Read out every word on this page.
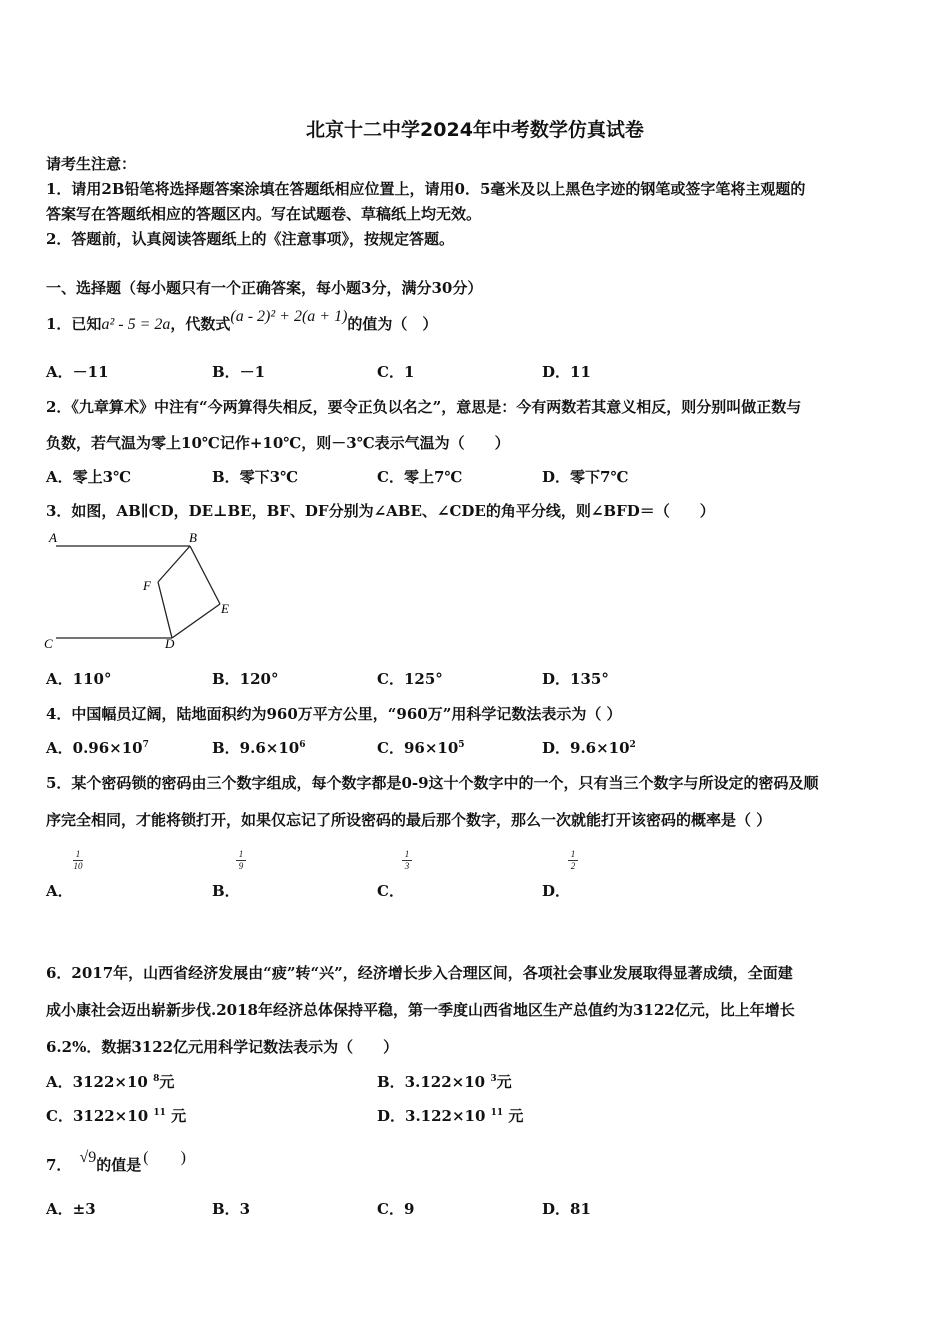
北京十二中学2024年中考数学仿真试卷
请考生注意：
1．请用2B铅笔将选择题答案涂填在答题纸相应位置上，请用0．5毫米及以上黑色字迹的钢笔或签字笔将主观题的
答案写在答题纸相应的答题区内。写在试题卷、草稿纸上均无效。
2．答题前，认真阅读答题纸上的《注意事项》，按规定答题。
一、选择题（每小题只有一个正确答案，每小题3分，满分30分）
1．已知a² - 5 = 2a，代数式(a - 2)² + 2(a + 1)的值为（　）
A．－11	B．－1	C．1	D．11
2．《九章算术》中注有“今两算得失相反，要令正负以名之”，意思是：今有两数若其意义相反，则分别叫做正数与
负数，若气温为零上10℃记作+10℃，则－3℃表示气温为（　　）
A．零上3℃	B．零下3℃	C．零上7℃	D．零下7℃
3．如图，AB∥CD，DE⊥BE，BF、DF分别为∠ABE、∠CDE的角平分线，则∠BFD＝（　　）
A	B
F
E
C	D
A．110°	B．120°	C．125°	D．135°
4．中国幅员辽阔，陆地面积约为960万平方公里，“960万”用科学记数法表示为（ ）
A．$0.96\times 10^7$	B．$9.6\times 10^6$	C．$96\times 10^5$	D．$9.6\times 10^2$
5．某个密码锁的密码由三个数字组成，每个数字都是0-9这十个数字中的一个，只有当三个数字与所设定的密码及顺
序完全相同，才能将锁打开，如果仅忘记了所设密码的最后那个数字，那么一次就能打开该密码的概率是（ ）
1
10
1
9
1
3
1
2
A．	B．	C．	D．
6．2017年，山西省经济发展由“疲”转“兴”，经济增长步入合理区间，各项社会事业发展取得显著成绩，全面建
成小康社会迈出崭新步伐.2018年经济总体保持平稳，第一季度山西省地区生产总值约为3122亿元，比上年增长
6.2%．数据3122亿元用科学记数法表示为（　　）
A．3122×10 $^8$元	B．3.122×10 $^3$元
C．3122×10 $^{11}$ 元	D．3.122×10 $^{11}$ 元
7． √9的值是 (　　)
A．±3	B．3	C．9	D．81
